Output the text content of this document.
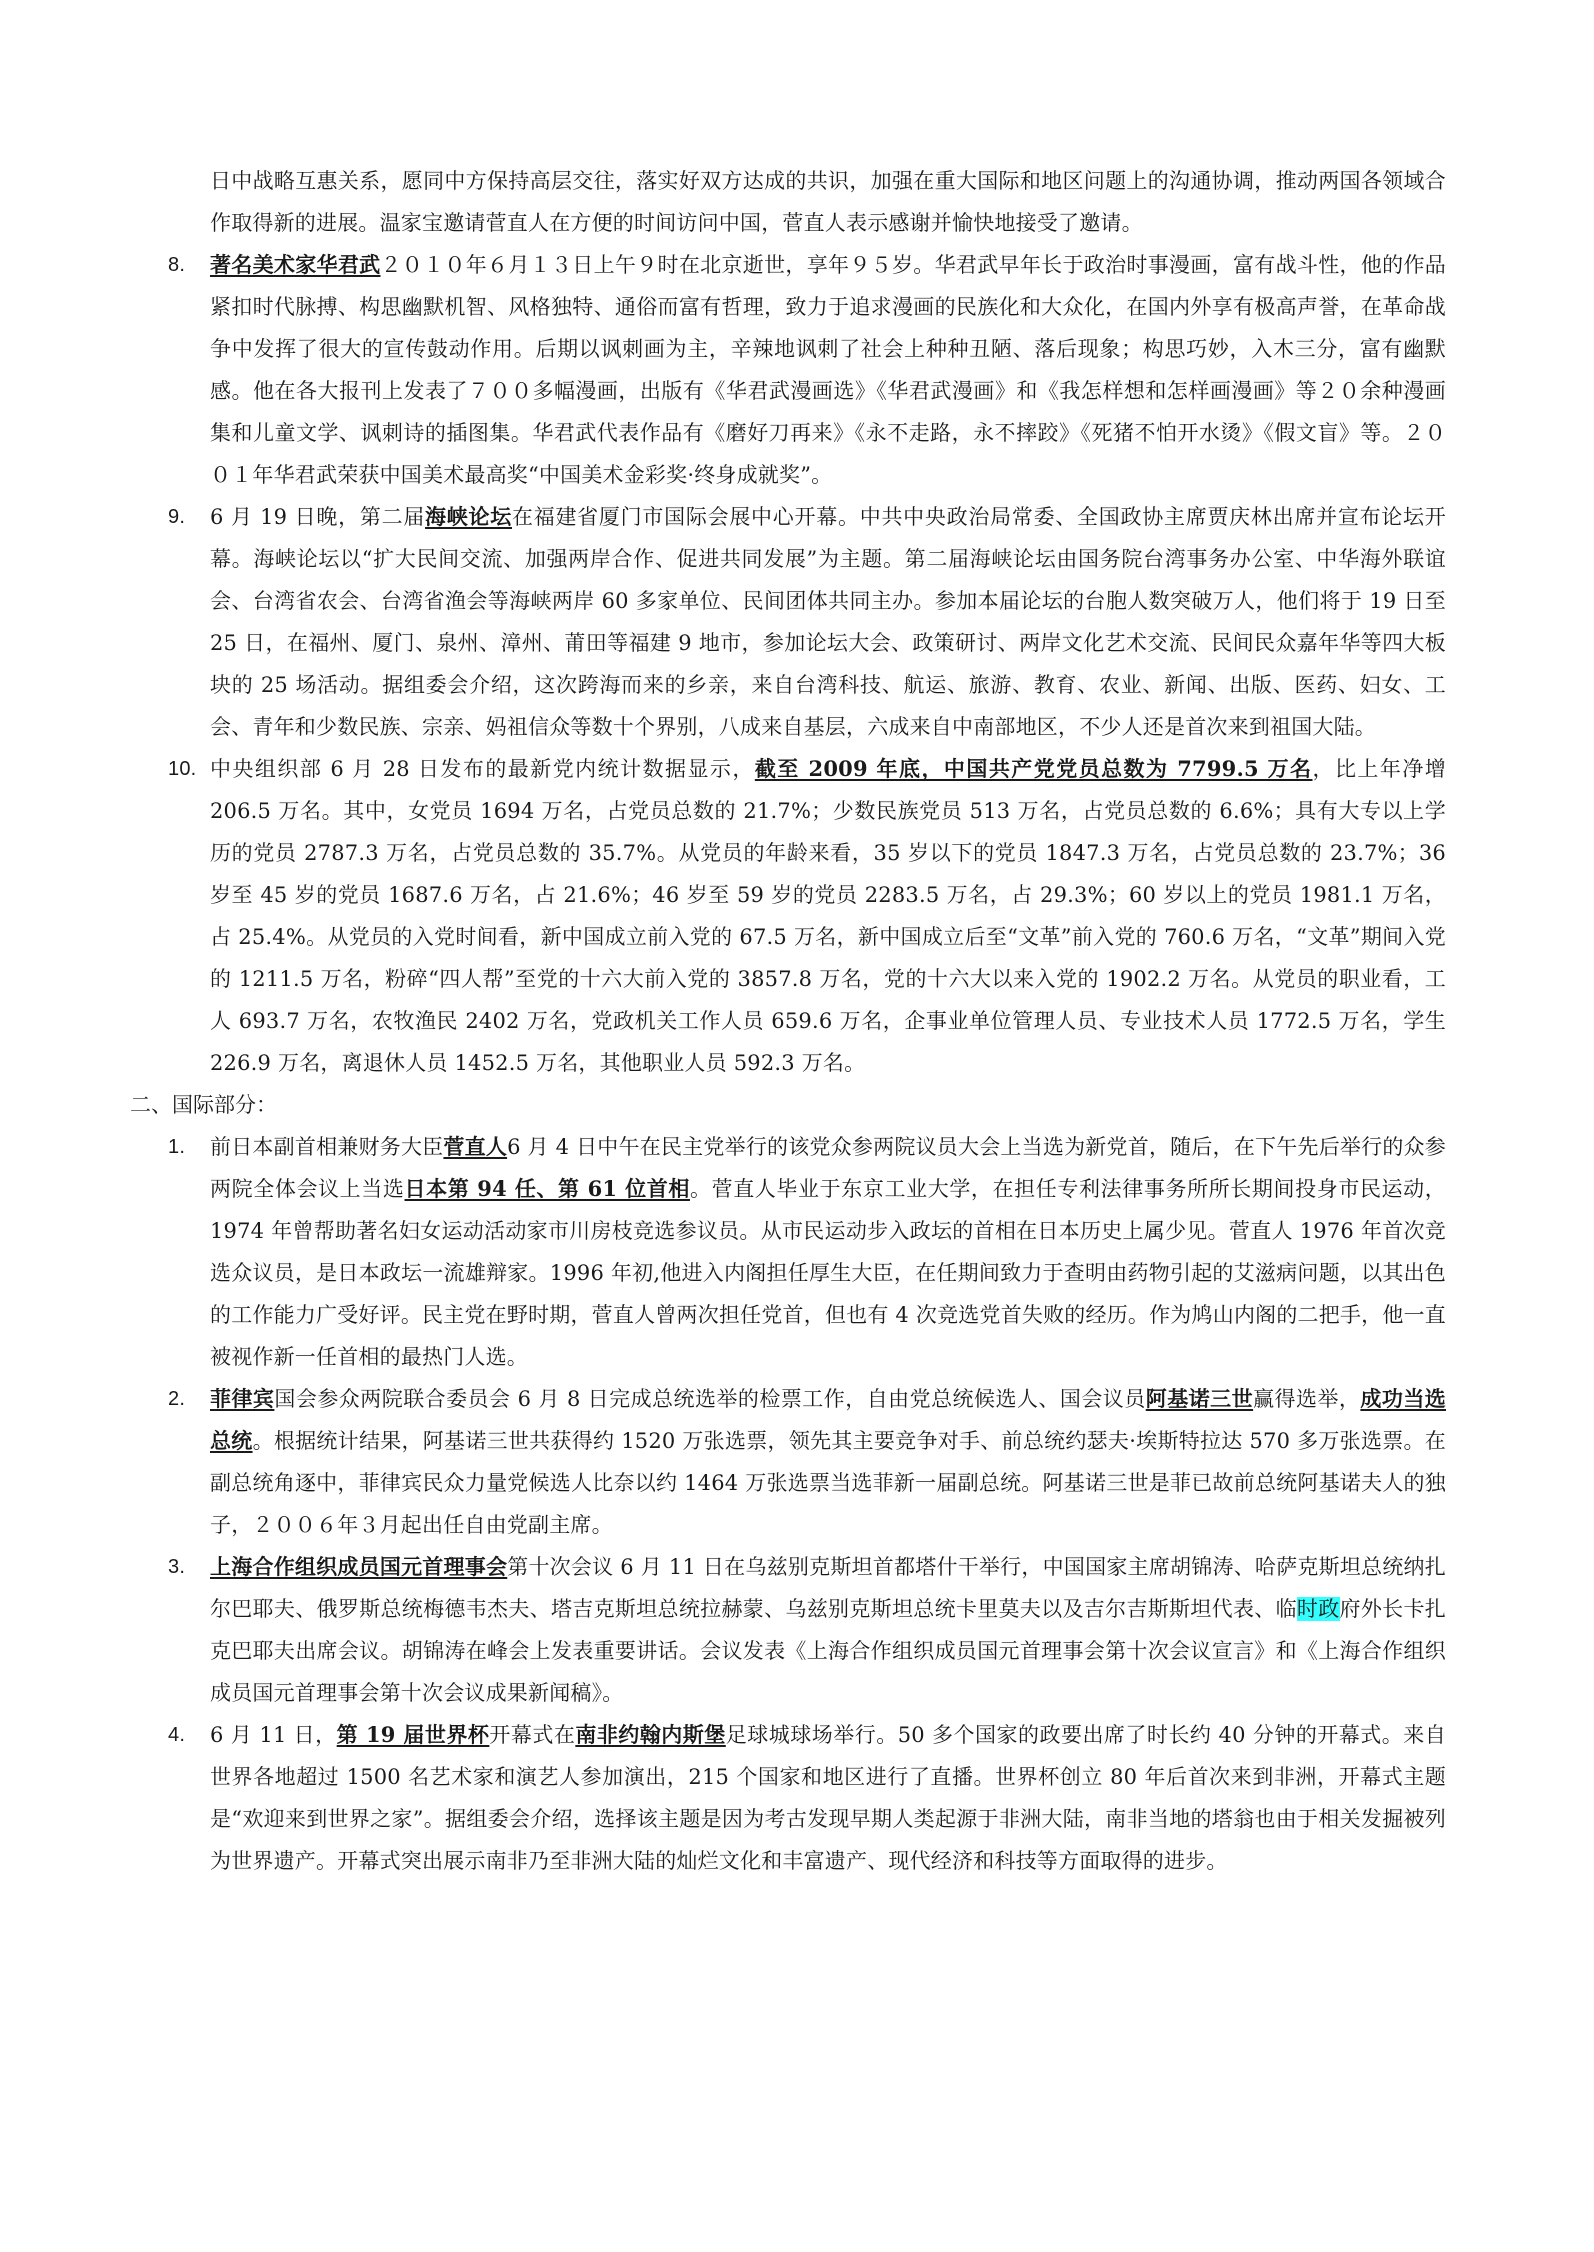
日中战略互惠关系，愿同中方保持高层交往，落实好双方达成的共识，加强在重大国际和地区问题上的沟通协调，推动两国各领域合作取得新的进展。温家宝邀请菅直人在方便的时间访问中国，菅直人表示感谢并愉快地接受了邀请。
8. 著名美术家华君武２０１０年６月１３日上午９时在北京逝世，享年９５岁。华君武早年长于政治时事漫画，富有战斗性，他的作品紧扣时代脉搏、构思幽默机智、风格独特、通俗而富有哲理，致力于追求漫画的民族化和大众化，在国内外享有极高声誉，在革命战争中发挥了很大的宣传鼓动作用。后期以讽刺画为主，辛辣地讽刺了社会上种种丑陋、落后现象；构思巧妙，入木三分，富有幽默感。他在各大报刊上发表了７００多幅漫画，出版有《华君武漫画选》《华君武漫画》和《我怎样想和怎样画漫画》等２０余种漫画集和儿童文学、讽刺诗的插图集。华君武代表作品有《磨好刀再来》《永不走路，永不摔跤》《死猪不怕开水烫》《假文盲》等。２００１年华君武荣获中国美术最高奖“中国美术金彩奖·终身成就奖”。
9. 6 月 19 日晚，第二届海峡论坛在福建省厦门市国际会展中心开幕。中共中央政治局常委、全国政协主席贾庆林出席并宣布论坛开幕。海峡论坛以“扩大民间交流、加强两岸合作、促进共同发展”为主题。第二届海峡论坛由国务院台湾事务办公室、中华海外联谊会、台湾省农会、台湾省渔会等海峡两岸 60 多家单位、民间团体共同主办。参加本届论坛的台胞人数突破万人，他们将于 19 日至 25 日，在福州、厦门、泉州、漳州、莆田等福建 9 地市，参加论坛大会、政策研讨、两岸文化艺术交流、民间民众嘉年华等四大板块的 25 场活动。据组委会介绍，这次跨海而来的乡亲，来自台湾科技、航运、旅游、教育、农业、新闻、出版、医药、妇女、工会、青年和少数民族、宗亲、妈祖信众等数十个界别，八成来自基层，六成来自中南部地区，不少人还是首次来到祖国大陆。
10. 中央组织部 6 月 28 日发布的最新党内统计数据显示，截至 2009 年底，中国共产党党员总数为 7799.5 万名，比上年净增 206.5 万名。其中，女党员 1694 万名，占党员总数的 21.7%；少数民族党员 513 万名，占党员总数的 6.6%；具有大专以上学历的党员 2787.3 万名，占党员总数的 35.7%。从党员的年龄来看，35 岁以下的党员 1847.3 万名，占党员总数的 23.7%；36 岁至 45 岁的党员 1687.6 万名，占 21.6%；46 岁至 59 岁的党员 2283.5 万名，占 29.3%；60 岁以上的党员 1981.1 万名，占 25.4%。从党员的入党时间看，新中国成立前入党的 67.5 万名，新中国成立后至“文革”前入党的 760.6 万名，“文革”期间入党的 1211.5 万名，粉碎“四人帮”至党的十六大前入党的 3857.8 万名，党的十六大以来入党的 1902.2 万名。从党员的职业看，工人 693.7 万名，农牧渔民 2402 万名，党政机关工作人员 659.6 万名，企事业单位管理人员、专业技术人员 1772.5 万名，学生 226.9 万名，离退休人员 1452.5 万名，其他职业人员 592.3 万名。
二、国际部分：
1. 前日本副首相兼财务大臣菅直人6 月 4 日中午在民主党举行的该党众参两院议员大会上当选为新党首，随后，在下午先后举行的众参两院全体会议上当选日本第 94 任、第 61 位首相。菅直人毕业于东京工业大学，在担任专利法律事务所所长期间投身市民运动，1974 年曾帮助著名妇女运动活动家市川房枝竞选参议员。从市民运动步入政坛的首相在日本历史上属少见。菅直人 1976 年首次竞选众议员，是日本政坛一流雄辩家。1996 年初,他进入内阁担任厚生大臣，在任期间致力于查明由药物引起的艾滋病问题，以其出色的工作能力广受好评。民主党在野时期，菅直人曾两次担任党首，但也有 4 次竞选党首失败的经历。作为鸠山内阁的二把手，他一直被视作新一任首相的最热门人选。
2. 菲律宾国会参众两院联合委员会 6 月 8 日完成总统选举的检票工作，自由党总统候选人、国会议员阿基诺三世赢得选举，成功当选总统。根据统计结果，阿基诺三世共获得约 1520 万张选票，领先其主要竞争对手、前总统约瑟夫·埃斯特拉达 570 多万张选票。在副总统角逐中，菲律宾民众力量党候选人比奈以约 1464 万张选票当选菲新一届副总统。阿基诺三世是菲已故前总统阿基诺夫人的独子，２００６年３月起出任自由党副主席。
3. 上海合作组织成员国元首理事会第十次会议 6 月 11 日在乌兹别克斯坦首都塔什干举行，中国国家主席胡锦涛、哈萨克斯坦总统纳扎尔巴耶夫、俄罗斯总统梅德韦杰夫、塔吉克斯坦总统拉赫蒙、乌兹别克斯坦总统卡里莫夫以及吉尔吉斯斯坦代表、临时政府外长卡扎克巴耶夫出席会议。胡锦涛在峰会上发表重要讲话。会议发表《上海合作组织成员国元首理事会第十次会议宣言》和《上海合作组织成员国元首理事会第十次会议成果新闻稿》。
4. 6 月 11 日，第 19 届世界杯开幕式在南非约翰内斯堡足球城球场举行。50 多个国家的政要出席了时长约 40 分钟的开幕式。来自世界各地超过 1500 名艺术家和演艺人参加演出，215 个国家和地区进行了直播。世界杯创立 80 年后首次来到非洲，开幕式主题是“欢迎来到世界之家”。据组委会介绍，选择该主题是因为考古发现早期人类起源于非洲大陆，南非当地的塔翁也由于相关发掘被列为世界遗产。开幕式突出展示南非乃至非洲大陆的灿烂文化和丰富遗产、现代经济和科技等方面取得的进步。
